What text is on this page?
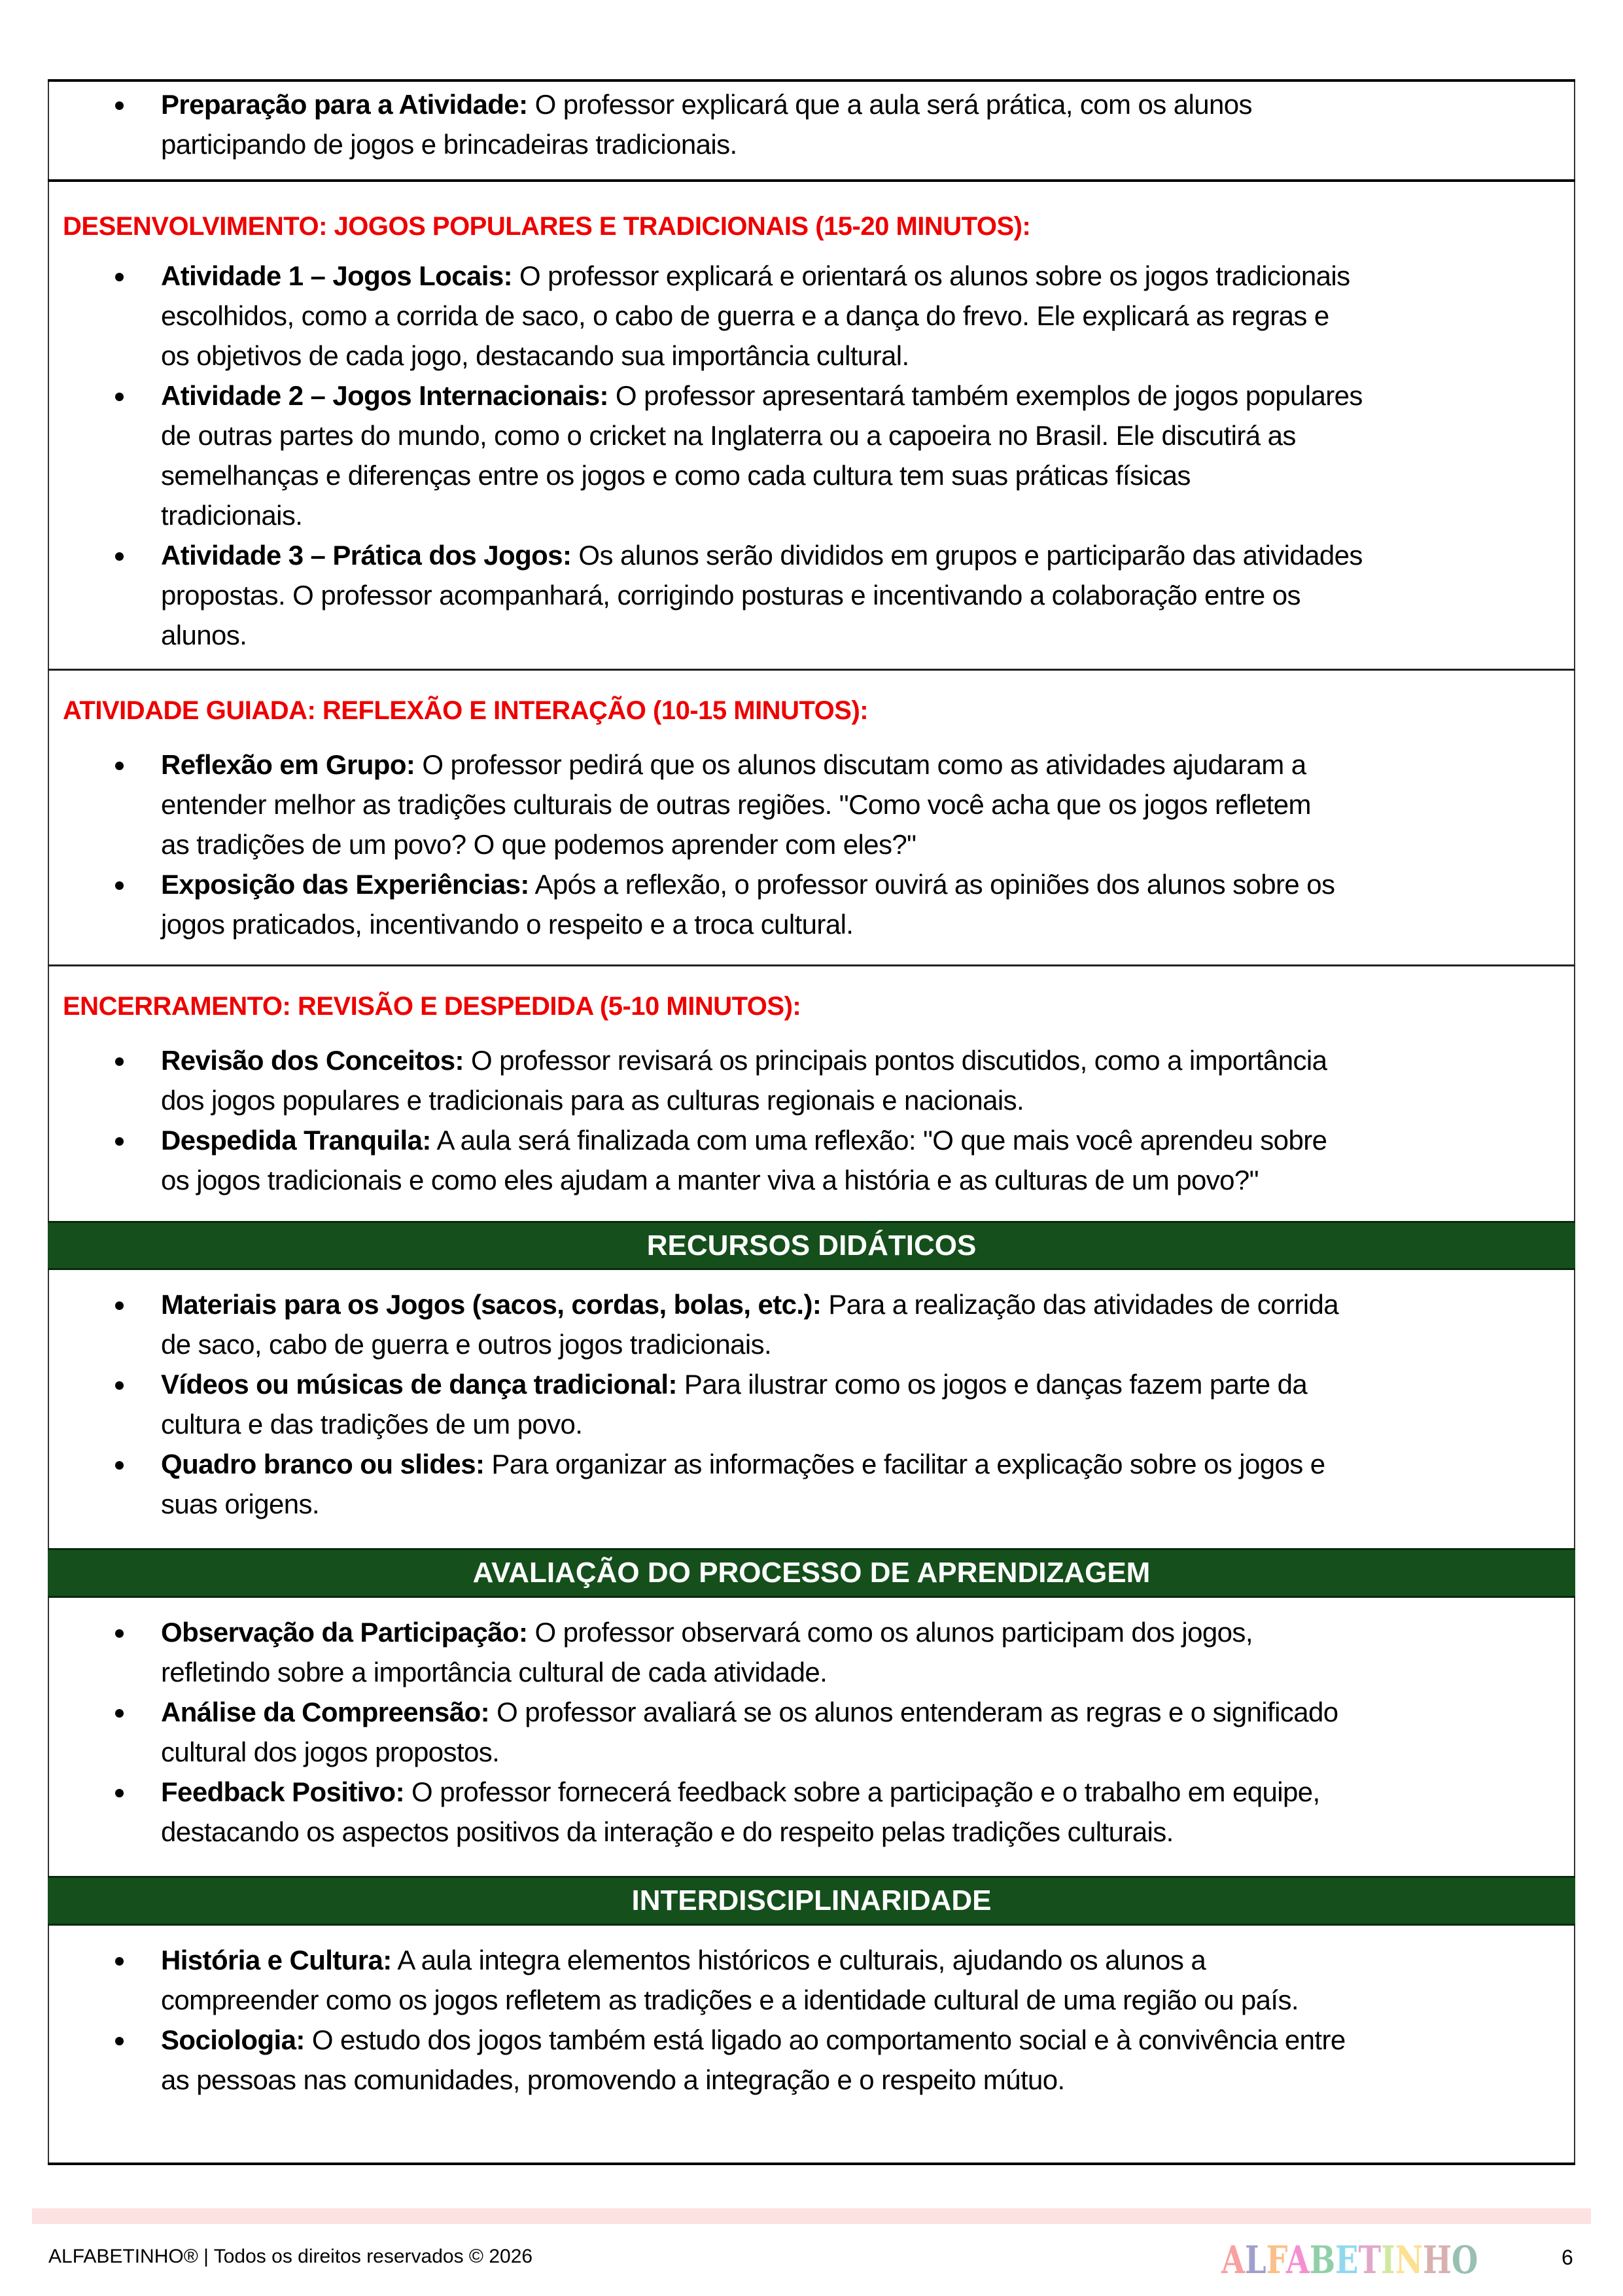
Preparação para a Atividade: O professor explicará que a aula será prática, com os alunos
participando de jogos e brincadeiras tradicionais.
DESENVOLVIMENTO: JOGOS POPULARES E TRADICIONAIS (15-20 MINUTOS):
Atividade 1 – Jogos Locais: O professor explicará e orientará os alunos sobre os jogos tradicionais
escolhidos, como a corrida de saco, o cabo de guerra e a dança do frevo. Ele explicará as regras e
os objetivos de cada jogo, destacando sua importância cultural.
Atividade 2 – Jogos Internacionais: O professor apresentará também exemplos de jogos populares
de outras partes do mundo, como o cricket na Inglaterra ou a capoeira no Brasil. Ele discutirá as
semelhanças e diferenças entre os jogos e como cada cultura tem suas práticas físicas
tradicionais.
Atividade 3 – Prática dos Jogos: Os alunos serão divididos em grupos e participarão das atividades
propostas. O professor acompanhará, corrigindo posturas e incentivando a colaboração entre os
alunos.
ATIVIDADE GUIADA: REFLEXÃO E INTERAÇÃO (10-15 MINUTOS):
Reflexão em Grupo: O professor pedirá que os alunos discutam como as atividades ajudaram a
entender melhor as tradições culturais de outras regiões. "Como você acha que os jogos refletem
as tradições de um povo? O que podemos aprender com eles?"
Exposição das Experiências: Após a reflexão, o professor ouvirá as opiniões dos alunos sobre os
jogos praticados, incentivando o respeito e a troca cultural.
ENCERRAMENTO: REVISÃO E DESPEDIDA (5-10 MINUTOS):
Revisão dos Conceitos: O professor revisará os principais pontos discutidos, como a importância
dos jogos populares e tradicionais para as culturas regionais e nacionais.
Despedida Tranquila: A aula será finalizada com uma reflexão: "O que mais você aprendeu sobre
os jogos tradicionais e como eles ajudam a manter viva a história e as culturas de um povo?"
RECURSOS DIDÁTICOS
Materiais para os Jogos (sacos, cordas, bolas, etc.): Para a realização das atividades de corrida
de saco, cabo de guerra e outros jogos tradicionais.
Vídeos ou músicas de dança tradicional: Para ilustrar como os jogos e danças fazem parte da
cultura e das tradições de um povo.
Quadro branco ou slides: Para organizar as informações e facilitar a explicação sobre os jogos e
suas origens.
AVALIAÇÃO DO PROCESSO DE APRENDIZAGEM
Observação da Participação: O professor observará como os alunos participam dos jogos,
refletindo sobre a importância cultural de cada atividade.
Análise da Compreensão: O professor avaliará se os alunos entenderam as regras e o significado
cultural dos jogos propostos.
Feedback Positivo: O professor fornecerá feedback sobre a participação e o trabalho em equipe,
destacando os aspectos positivos da interação e do respeito pelas tradições culturais.
INTERDISCIPLINARIDADE
História e Cultura: A aula integra elementos históricos e culturais, ajudando os alunos a
compreender como os jogos refletem as tradições e a identidade cultural de uma região ou país.
Sociologia: O estudo dos jogos também está ligado ao comportamento social e à convivência entre
as pessoas nas comunidades, promovendo a integração e o respeito mútuo.
ALFABETINHO® | Todos os direitos reservados © 2026	ALFABETINHO	6
